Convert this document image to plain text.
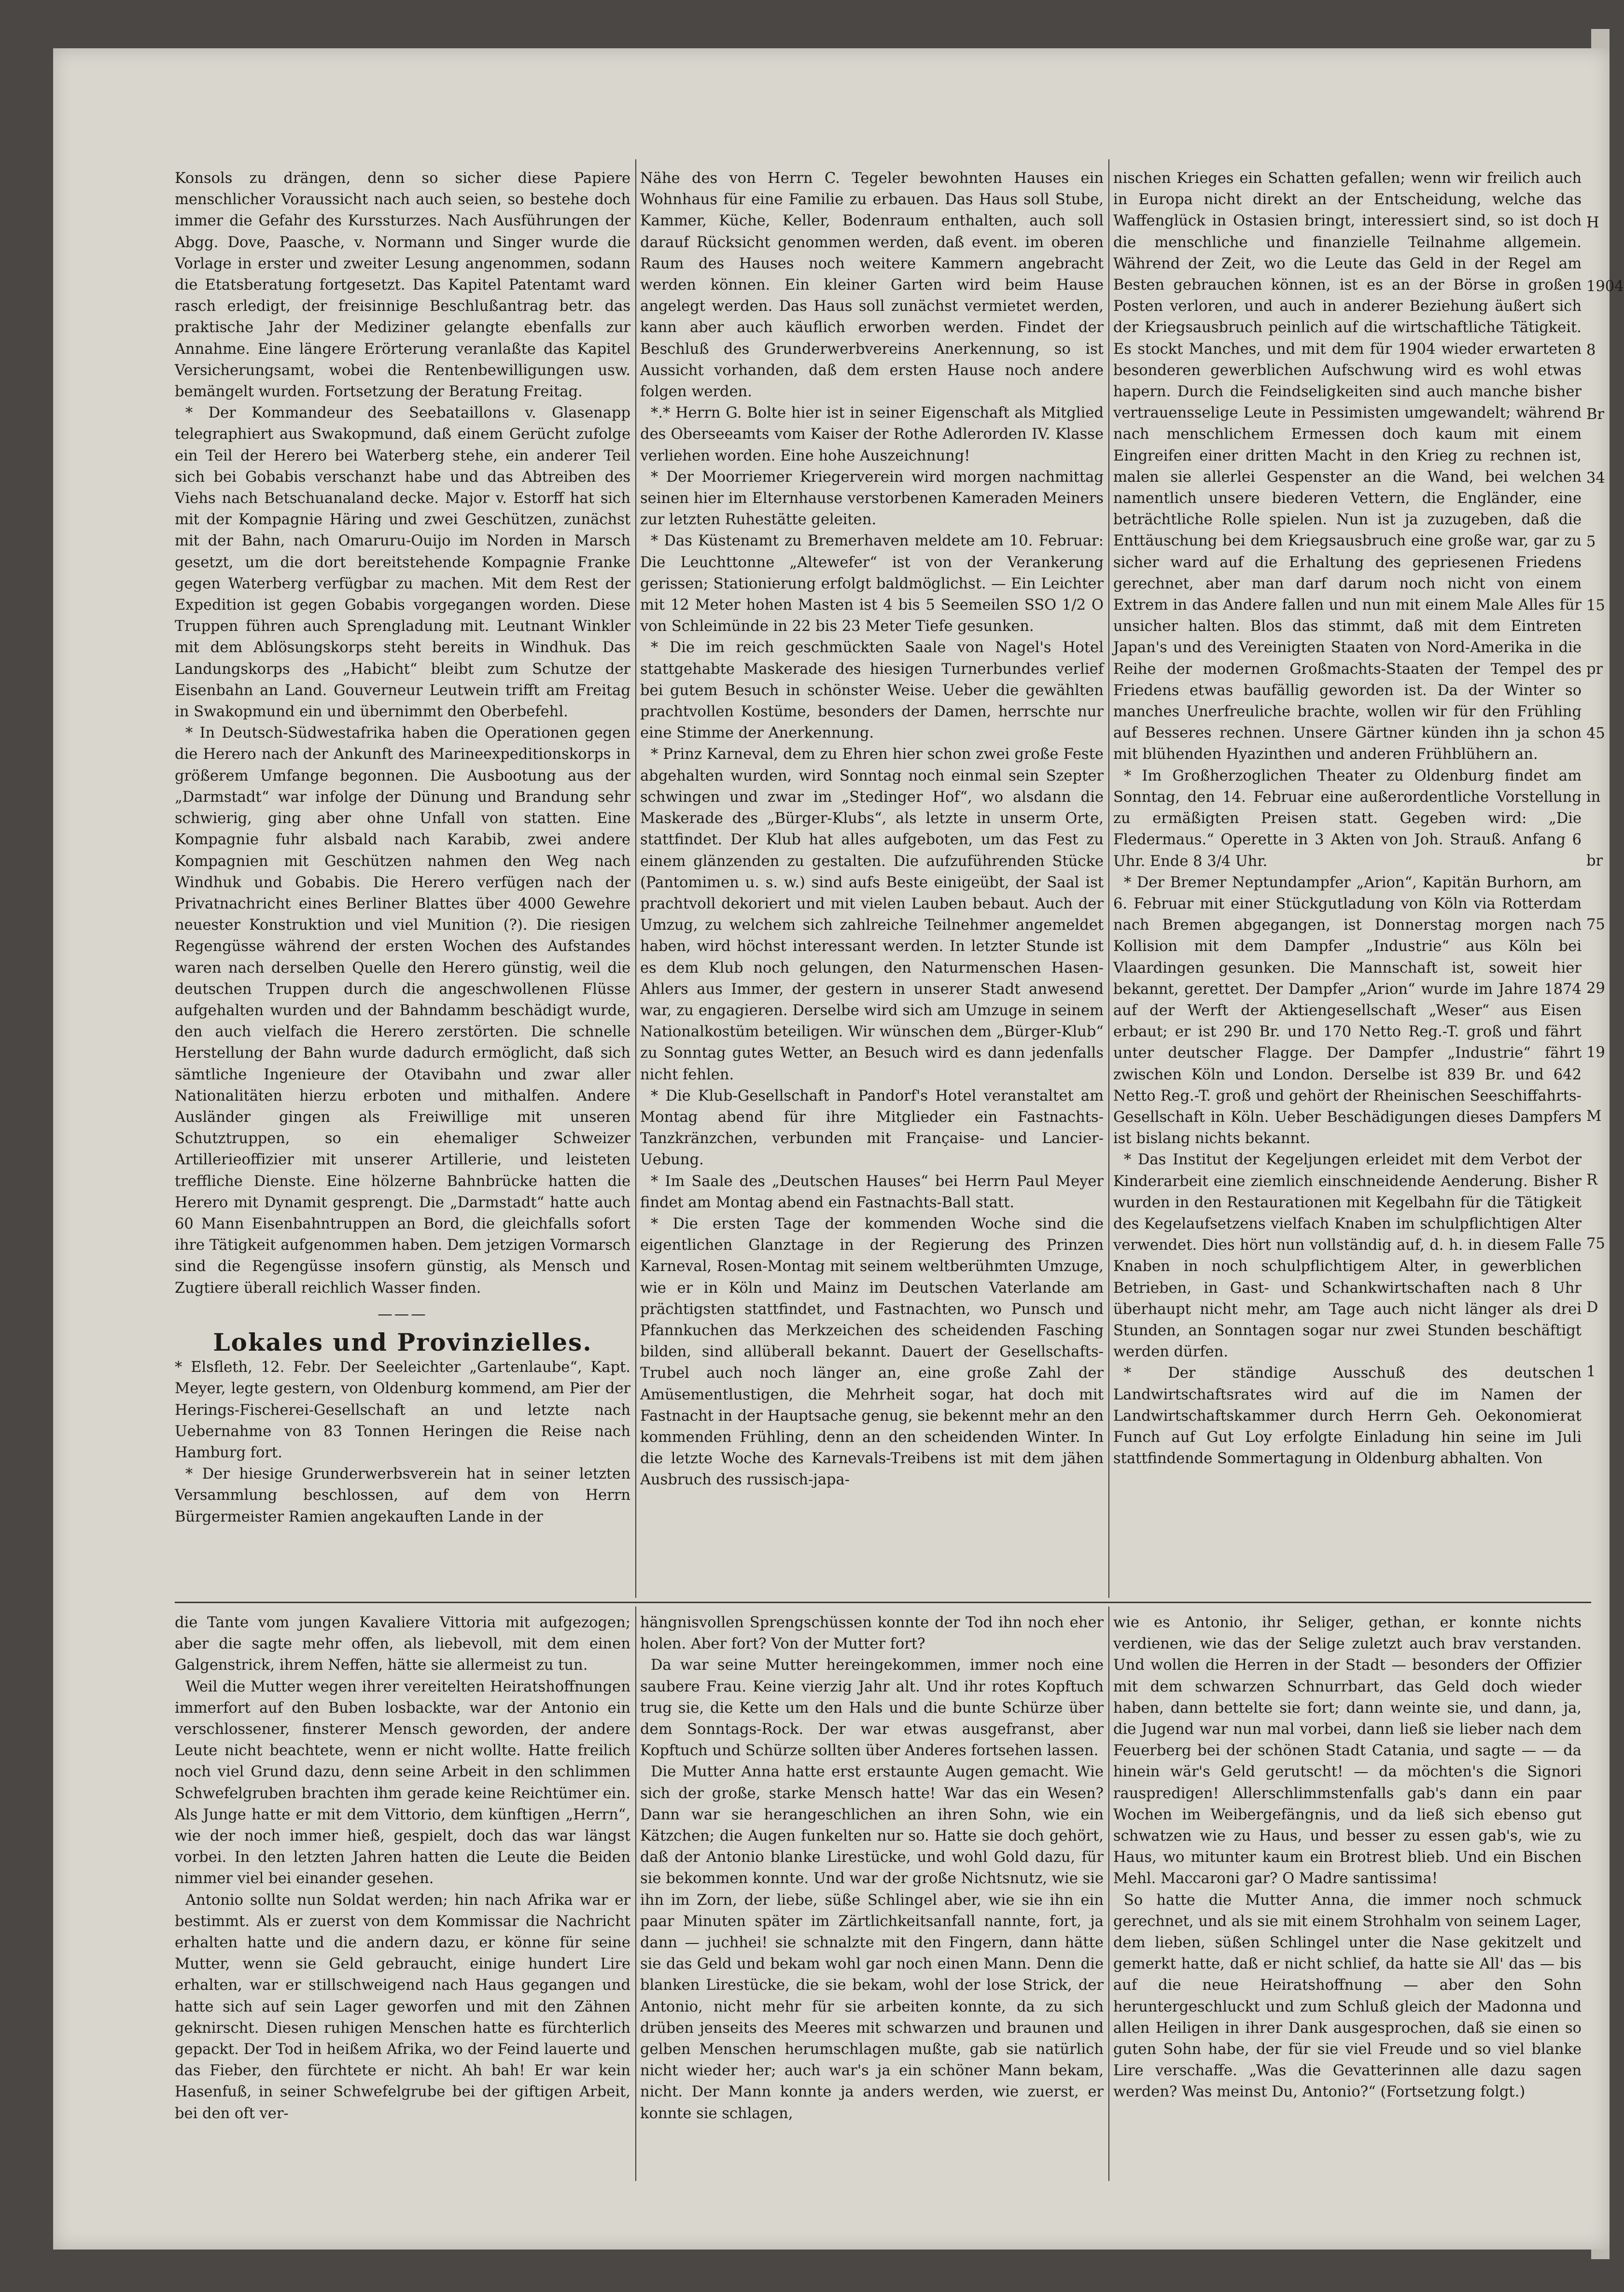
Konsols zu drängen, denn so sicher diese Papiere menschlicher Voraussicht nach auch seien, so bestehe doch immer die Gefahr des Kurssturzes. Nach Ausführungen der Abgg. Dove, Paasche, v. Normann und Singer wurde die Vorlage in erster und zweiter Lesung angenommen, sodann die Etatsberatung fortgesetzt. Das Kapitel Patentamt ward rasch erledigt, der freisinnige Beschlußantrag betr. das praktische Jahr der Mediziner gelangte ebenfalls zur Annahme. Eine längere Erörterung veranlaßte das Kapitel Versicherungsamt, wobei die Rentenbewilligungen usw. bemängelt wurden. Fortsetzung der Beratung Freitag.

* Der Kommandeur des Seebataillons v. Glasenapp telegraphiert aus Swakopmund, daß einem Gerücht zufolge ein Teil der Herero bei Waterberg stehe, ein anderer Teil sich bei Gobabis verschanzt habe und das Abtreiben des Viehs nach Betschuanaland decke. Major v. Estorff hat sich mit der Kompagnie Häring und zwei Geschützen, zunächst mit der Bahn, nach Omaruru-Ouijo im Norden in Marsch gesetzt, um die dort bereitstehende Kompagnie Franke gegen Waterberg verfügbar zu machen. Mit dem Rest der Expedition ist gegen Gobabis vorgegangen worden. Diese Truppen führen auch Sprengladung mit. Leutnant Winkler mit dem Ablösungskorps steht bereits in Windhuk. Das Landungskorps des „Habicht“ bleibt zum Schutze der Eisenbahn an Land. Gouverneur Leutwein trifft am Freitag in Swakopmund ein und übernimmt den Oberbefehl.

* In Deutsch-Südwestafrika haben die Operationen gegen die Herero nach der Ankunft des Marineexpeditionskorps in größerem Umfange begonnen. Die Ausbootung aus der „Darmstadt“ war infolge der Dünung und Brandung sehr schwierig, ging aber ohne Unfall von statten. Eine Kompagnie fuhr alsbald nach Karabib, zwei andere Kompagnien mit Geschützen nahmen den Weg nach Windhuk und Gobabis. Die Herero verfügen nach der Privatnachricht eines Berliner Blattes über 4000 Gewehre neuester Konstruktion und viel Munition (?). Die riesigen Regengüsse während der ersten Wochen des Aufstandes waren nach derselben Quelle den Herero günstig, weil die deutschen Truppen durch die angeschwollenen Flüsse aufgehalten wurden und der Bahndamm beschädigt wurde, den auch vielfach die Herero zerstörten. Die schnelle Herstellung der Bahn wurde dadurch ermöglicht, daß sich sämtliche Ingenieure der Otavibahn und zwar aller Nationalitäten hierzu erboten und mithalfen. Andere Ausländer gingen als Freiwillige mit unseren Schutztruppen, so ein ehemaliger Schweizer Artillerieoffizier mit unserer Artillerie, und leisteten treffliche Dienste. Eine hölzerne Bahnbrücke hatten die Herero mit Dynamit gesprengt. Die „Darmstadt“ hatte auch 60 Mann Eisenbahntruppen an Bord, die gleichfalls sofort ihre Tätigkeit aufgenommen haben. Dem jetzigen Vormarsch sind die Regengüsse insofern günstig, als Mensch und Zugtiere überall reichlich Wasser finden.

———
Lokales und Provinzielles.

* Elsfleth, 12. Febr. Der Seeleichter „Gartenlaube“, Kapt. Meyer, legte gestern, von Oldenburg kommend, am Pier der Herings-Fischerei-Gesellschaft an und letzte nach Uebernahme von 83 Tonnen Heringen die Reise nach Hamburg fort.

* Der hiesige Grunderwerbsverein hat in seiner letzten Versammlung beschlossen, auf dem von Herrn Bürgermeister Ramien angekauften Lande in der

Nähe des von Herrn C. Tegeler bewohnten Hauses ein Wohnhaus für eine Familie zu erbauen. Das Haus soll Stube, Kammer, Küche, Keller, Bodenraum enthalten, auch soll darauf Rücksicht genommen werden, daß event. im oberen Raum des Hauses noch weitere Kammern angebracht werden können. Ein kleiner Garten wird beim Hause angelegt werden. Das Haus soll zunächst vermietet werden, kann aber auch käuflich erworben werden. Findet der Beschluß des Grunderwerbvereins Anerkennung, so ist Aussicht vorhanden, daß dem ersten Hause noch andere folgen werden.

*.* Herrn G. Bolte hier ist in seiner Eigenschaft als Mitglied des Oberseeamts vom Kaiser der Rothe Adlerorden IV. Klasse verliehen worden. Eine hohe Auszeichnung!

* Der Moorriemer Kriegerverein wird morgen nachmittag seinen hier im Elternhause verstorbenen Kameraden Meiners zur letzten Ruhestätte geleiten.

* Das Küstenamt zu Bremerhaven meldete am 10. Februar: Die Leuchttonne „Altewefer“ ist von der Verankerung gerissen; Stationierung erfolgt baldmöglichst. — Ein Leichter mit 12 Meter hohen Masten ist 4 bis 5 Seemeilen SSO 1/2 O von Schleimünde in 22 bis 23 Meter Tiefe gesunken.

* Die im reich geschmückten Saale von Nagel's Hotel stattgehabte Maskerade des hiesigen Turnerbundes verlief bei gutem Besuch in schönster Weise. Ueber die gewählten prachtvollen Kostüme, besonders der Damen, herrschte nur eine Stimme der Anerkennung.

* Prinz Karneval, dem zu Ehren hier schon zwei große Feste abgehalten wurden, wird Sonntag noch einmal sein Szepter schwingen und zwar im „Stedinger Hof“, wo alsdann die Maskerade des „Bürger-Klubs“, als letzte in unserm Orte, stattfindet. Der Klub hat alles aufgeboten, um das Fest zu einem glänzenden zu gestalten. Die aufzuführenden Stücke (Pantomimen u. s. w.) sind aufs Beste einigeübt, der Saal ist prachtvoll dekoriert und mit vielen Lauben bebaut. Auch der Umzug, zu welchem sich zahlreiche Teilnehmer angemeldet haben, wird höchst interessant werden. In letzter Stunde ist es dem Klub noch gelungen, den Naturmenschen Hasen-Ahlers aus Immer, der gestern in unserer Stadt anwesend war, zu engagieren. Derselbe wird sich am Umzuge in seinem Nationalkostüm beteiligen. Wir wünschen dem „Bürger-Klub“ zu Sonntag gutes Wetter, an Besuch wird es dann jedenfalls nicht fehlen.

* Die Klub-Gesellschaft in Pandorf's Hotel veranstaltet am Montag abend für ihre Mitglieder ein Fastnachts-Tanzkränzchen, verbunden mit Française- und Lancier-Uebung.

* Im Saale des „Deutschen Hauses“ bei Herrn Paul Meyer findet am Montag abend ein Fastnachts-Ball statt.

* Die ersten Tage der kommenden Woche sind die eigentlichen Glanztage in der Regierung des Prinzen Karneval, Rosen-Montag mit seinem weltberühmten Umzuge, wie er in Köln und Mainz im Deutschen Vaterlande am prächtigsten stattfindet, und Fastnachten, wo Punsch und Pfannkuchen das Merkzeichen des scheidenden Fasching bilden, sind allüberall bekannt. Dauert der Gesellschafts-Trubel auch noch länger an, eine große Zahl der Amüsementlustigen, die Mehrheit sogar, hat doch mit Fastnacht in der Hauptsache genug, sie bekennt mehr an den kommenden Frühling, denn an den scheidenden Winter. In die letzte Woche des Karnevals-Treibens ist mit dem jähen Ausbruch des russisch-japa-

nischen Krieges ein Schatten gefallen; wenn wir freilich auch in Europa nicht direkt an der Entscheidung, welche das Waffenglück in Ostasien bringt, interessiert sind, so ist doch die menschliche und finanzielle Teilnahme allgemein. Während der Zeit, wo die Leute das Geld in der Regel am Besten gebrauchen können, ist es an der Börse in großen Posten verloren, und auch in anderer Beziehung äußert sich der Kriegsausbruch peinlich auf die wirtschaftliche Tätigkeit. Es stockt Manches, und mit dem für 1904 wieder erwarteten besonderen gewerblichen Aufschwung wird es wohl etwas hapern. Durch die Feindseligkeiten sind auch manche bisher vertrauensselige Leute in Pessimisten umgewandelt; während nach menschlichem Ermessen doch kaum mit einem Eingreifen einer dritten Macht in den Krieg zu rechnen ist, malen sie allerlei Gespenster an die Wand, bei welchen namentlich unsere biederen Vettern, die Engländer, eine beträchtliche Rolle spielen. Nun ist ja zuzugeben, daß die Enttäuschung bei dem Kriegsausbruch eine große war, gar zu sicher ward auf die Erhaltung des gepriesenen Friedens gerechnet, aber man darf darum noch nicht von einem Extrem in das Andere fallen und nun mit einem Male Alles für unsicher halten. Blos das stimmt, daß mit dem Eintreten Japan's und des Vereinigten Staaten von Nord-Amerika in die Reihe der modernen Großmachts-Staaten der Tempel des Friedens etwas baufällig geworden ist. Da der Winter so manches Unerfreuliche brachte, wollen wir für den Frühling auf Besseres rechnen. Unsere Gärtner künden ihn ja schon mit blühenden Hyazinthen und anderen Frühblühern an.

* Im Großherzoglichen Theater zu Oldenburg findet am Sonntag, den 14. Februar eine außerordentliche Vorstellung zu ermäßigten Preisen statt. Gegeben wird: „Die Fledermaus.“ Operette in 3 Akten von Joh. Strauß. Anfang 6 Uhr. Ende 8 3/4 Uhr.

* Der Bremer Neptundampfer „Arion“, Kapitän Burhorn, am 6. Februar mit einer Stückgutladung von Köln via Rotterdam nach Bremen abgegangen, ist Donnerstag morgen nach Kollision mit dem Dampfer „Industrie“ aus Köln bei Vlaardingen gesunken. Die Mannschaft ist, soweit hier bekannt, gerettet. Der Dampfer „Arion“ wurde im Jahre 1874 auf der Werft der Aktiengesellschaft „Weser“ aus Eisen erbaut; er ist 290 Br. und 170 Netto Reg.-T. groß und fährt unter deutscher Flagge. Der Dampfer „Industrie“ fährt zwischen Köln und London. Derselbe ist 839 Br. und 642 Netto Reg.-T. groß und gehört der Rheinischen Seeschiffahrts-Gesellschaft in Köln. Ueber Beschädigungen dieses Dampfers ist bislang nichts bekannt.

* Das Institut der Kegeljungen erleidet mit dem Verbot der Kinderarbeit eine ziemlich einschneidende Aenderung. Bisher wurden in den Restaurationen mit Kegelbahn für die Tätigkeit des Kegelaufsetzens vielfach Knaben im schulpflichtigen Alter verwendet. Dies hört nun vollständig auf, d. h. in diesem Falle Knaben in noch schulpflichtigem Alter, in gewerblichen Betrieben, in Gast- und Schankwirtschaften nach 8 Uhr überhaupt nicht mehr, am Tage auch nicht länger als drei Stunden, an Sonntagen sogar nur zwei Stunden beschäftigt werden dürfen.

* Der ständige Ausschuß des deutschen Landwirtschaftsrates wird auf die im Namen der Landwirtschaftskammer durch Herrn Geh. Oekonomierat Funch auf Gut Loy erfolgte Einladung hin seine im Juli stattfindende Sommertagung in Oldenburg abhalten. Von

H
1904
8
Br
34
5
15
pr
45
in
br
75
29
19
M
R
75
D
1

die Tante vom jungen Kavaliere Vittoria mit aufgezogen; aber die sagte mehr offen, als liebevoll, mit dem einen Galgenstrick, ihrem Neffen, hätte sie allermeist zu tun.

Weil die Mutter wegen ihrer vereitelten Heiratshoffnungen immerfort auf den Buben losbackte, war der Antonio ein verschlossener, finsterer Mensch geworden, der andere Leute nicht beachtete, wenn er nicht wollte. Hatte freilich noch viel Grund dazu, denn seine Arbeit in den schlimmen Schwefelgruben brachten ihm gerade keine Reichtümer ein. Als Junge hatte er mit dem Vittorio, dem künftigen „Herrn“, wie der noch immer hieß, gespielt, doch das war längst vorbei. In den letzten Jahren hatten die Leute die Beiden nimmer viel bei einander gesehen.

Antonio sollte nun Soldat werden; hin nach Afrika war er bestimmt. Als er zuerst von dem Kommissar die Nachricht erhalten hatte und die andern dazu, er könne für seine Mutter, wenn sie Geld gebraucht, einige hundert Lire erhalten, war er stillschweigend nach Haus gegangen und hatte sich auf sein Lager geworfen und mit den Zähnen geknirscht. Diesen ruhigen Menschen hatte es fürchterlich gepackt. Der Tod in heißem Afrika, wo der Feind lauerte und das Fieber, den fürchtete er nicht. Ah bah! Er war kein Hasenfuß, in seiner Schwefelgrube bei der giftigen Arbeit, bei den oft ver-

hängnisvollen Sprengschüssen konnte der Tod ihn noch eher holen. Aber fort? Von der Mutter fort?

Da war seine Mutter hereingekommen, immer noch eine saubere Frau. Keine vierzig Jahr alt. Und ihr rotes Kopftuch trug sie, die Kette um den Hals und die bunte Schürze über dem Sonntags-Rock. Der war etwas ausgefranst, aber Kopftuch und Schürze sollten über Anderes fortsehen lassen.

Die Mutter Anna hatte erst erstaunte Augen gemacht. Wie sich der große, starke Mensch hatte! War das ein Wesen? Dann war sie herangeschlichen an ihren Sohn, wie ein Kätzchen; die Augen funkelten nur so. Hatte sie doch gehört, daß der Antonio blanke Lirestücke, und wohl Gold dazu, für sie bekommen konnte. Und war der große Nichtsnutz, wie sie ihn im Zorn, der liebe, süße Schlingel aber, wie sie ihn ein paar Minuten später im Zärtlichkeitsanfall nannte, fort, ja dann — juchhei! sie schnalzte mit den Fingern, dann hätte sie das Geld und bekam wohl gar noch einen Mann. Denn die blanken Lirestücke, die sie bekam, wohl der lose Strick, der Antonio, nicht mehr für sie arbeiten konnte, da zu sich drüben jenseits des Meeres mit schwarzen und braunen und gelben Menschen herumschlagen mußte, gab sie natürlich nicht wieder her; auch war's ja ein schöner Mann bekam, nicht. Der Mann konnte ja anders werden, wie zuerst, er konnte sie schlagen,

wie es Antonio, ihr Seliger, gethan, er konnte nichts verdienen, wie das der Selige zuletzt auch brav verstanden. Und wollen die Herren in der Stadt — besonders der Offizier mit dem schwarzen Schnurrbart, das Geld doch wieder haben, dann bettelte sie fort; dann weinte sie, und dann, ja, die Jugend war nun mal vorbei, dann ließ sie lieber nach dem Feuerberg bei der schönen Stadt Catania, und sagte — — da hinein wär's Geld gerutscht! — da möchten's die Signori rauspredigen! Allerschlimmstenfalls gab's dann ein paar Wochen im Weibergefängnis, und da ließ sich ebenso gut schwatzen wie zu Haus, und besser zu essen gab's, wie zu Haus, wo mitunter kaum ein Brotrest blieb. Und ein Bischen Mehl. Maccaroni gar? O Madre santissima!

So hatte die Mutter Anna, die immer noch schmuck gerechnet, und als sie mit einem Strohhalm von seinem Lager, dem lieben, süßen Schlingel unter die Nase gekitzelt und gemerkt hatte, daß er nicht schlief, da hatte sie All' das — bis auf die neue Heiratshoffnung — aber den Sohn heruntergeschluckt und zum Schluß gleich der Madonna und allen Heiligen in ihrer Dank ausgesprochen, daß sie einen so guten Sohn habe, der für sie viel Freude und so viel blanke Lire verschaffe. „Was die Gevatterinnen alle dazu sagen werden? Was meinst Du, Antonio?“ (Fortsetzung folgt.)
